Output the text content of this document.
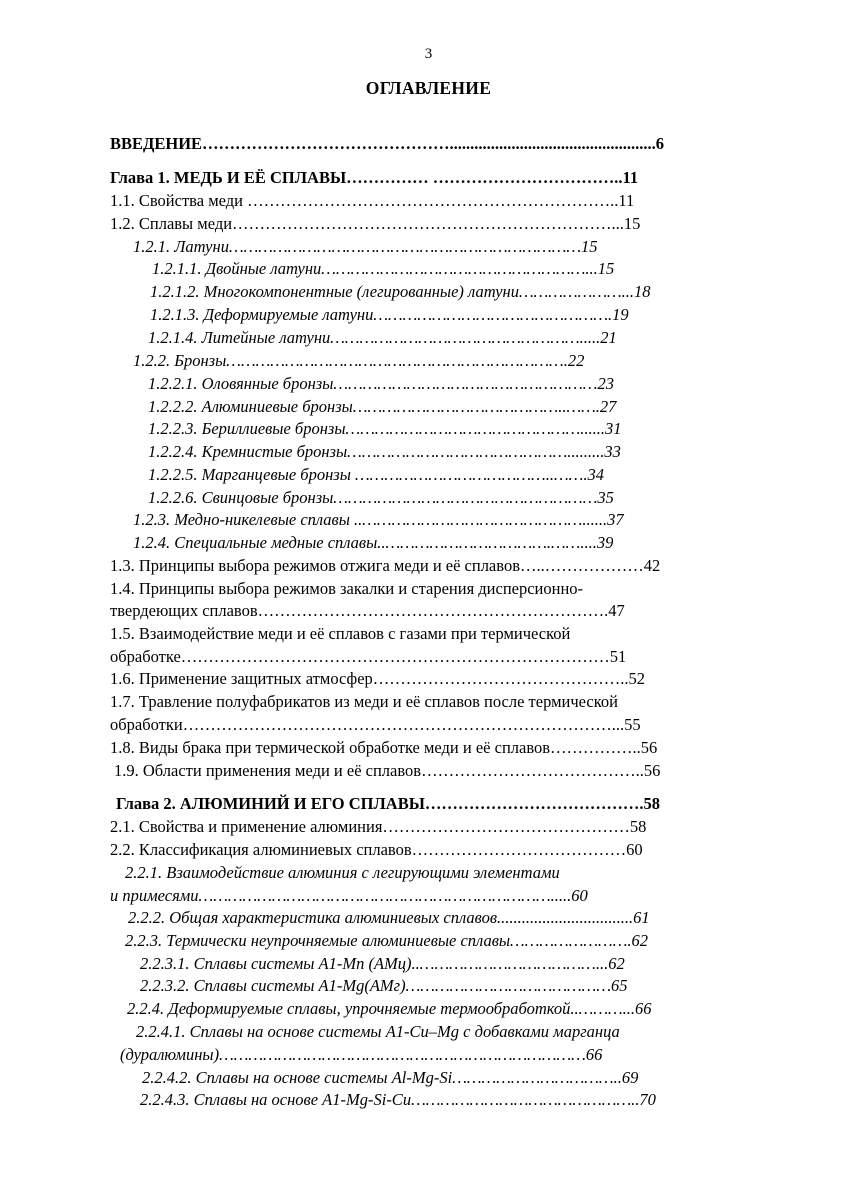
3
ОГЛАВЛЕНИЕ
ВВЕДЕНИЕ………………………………………..................................................6
Глава 1. МЕДЬ И ЕЁ СПЛАВЫ…………… ……………………………..11
1.1. Свойства меди …………………………………………………………..11
1.2. Сплавы меди……………………………………………………………...15
1.2.1. Латуни………………………………………………………………15
1.2.1.1. Двойные латуни………………………………………………...15
1.2.1.2. Многокомпонентные (легированные) латуни…………………...18
1.2.1.3. Деформируемые латуни………………………………………….19
1.2.1.4. Литейные латуни…………………………………………….....21
1.2.2. Бронзы…………………………………………………………….22
1.2.2.1. Оловянные бронзы………………………………………………23
1.2.2.2. Алюминиевые бронзы……………………………………..…….27
1.2.2.3. Бериллиевые бронзы…………………………………………......31
1.2.2.4. Кремнистые бронзы……………………………………….........33
1.2.2.5. Марганцевые бронзы …………………………………..…….34
1.2.2.6. Свинцовые бронзы………………………………………………35
1.2.3. Медно-никелевые сплавы ..………………………………………......37
1.2.4. Специальные медные сплавы..…………………………….……....39
1.3. Принципы выбора режимов отжига меди и её сплавов…..………………42
1.4. Принципы выбора режимов закалки и старения дисперсионно-
твердеющих сплавов……………………………………………………….47
1.5. Взаимодействие меди и её сплавов с газами при термической
обработке……………………………………………………………………51
1.6. Применение защитных атмосфер………………………………………..52
1.7. Травление полуфабрикатов из меди и её сплавов после термической
обработки……………………………………………………………………...55
1.8. Виды брака при термической обработке меди и её сплавов……………..56
1.9. Области применения меди и её сплавов…………………………………..56
Глава 2. АЛЮМИНИЙ И ЕГО СПЛАВЫ………………………………….58
2.1. Свойства и применение алюминия………………………………………58
2.2. Классификация алюминиевых сплавов…………………………………60
2.2.1. Взаимодействие алюминия с легирующими элементами
и примесями……………………………………………………………….....60
2.2.2. Общая характеристика алюминиевых сплавов.................................61
2.2.3. Термически неупрочняемые алюминиевые сплавы…………………….62
2.2.3.1. Сплавы системы А1-Мn (АМц)..………………………………...62
2.2.3.2. Сплавы системы А1-Mg(АМг)……………………………………65
2.2.4. Деформируемые сплавы, упрочняемые термообработкой..………...66
2.2.4.1. Сплавы на основе системы А1-Cu–Mg с добавками марганца
(дуралюмины)…………………………………………………………………66
2.2.4.2. Сплавы на основе системы Al-Mg-Si……………………………..69
2.2.4.3. Сплавы на основе А1-Mg-Si-Cu………………………………………..70
